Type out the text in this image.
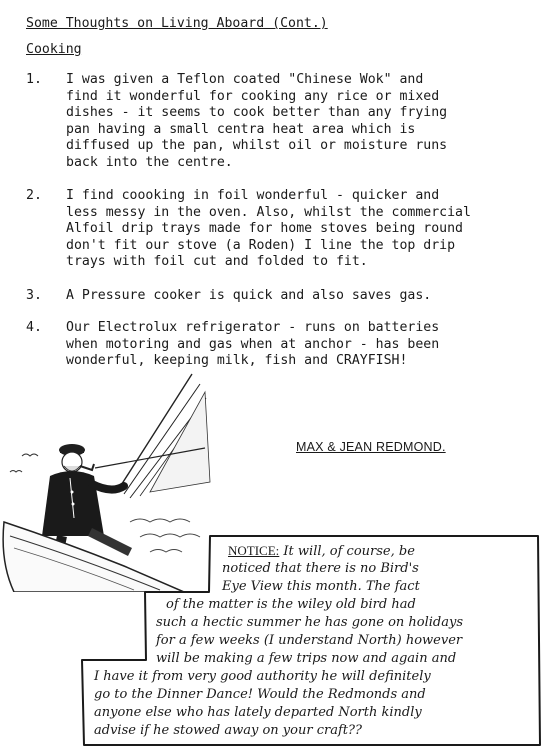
Some Thoughts on Living Aboard (Cont.)
Cooking
1. I was given a Teflon coated "Chinese Wok" and
find it wonderful for cooking any rice or mixed
dishes - it seems to cook better than any frying
pan having a small centra heat area which is
diffused up the pan, whilst oil or moisture runs
back into the centre.
2. I find coooking in foil wonderful - quicker and
less messy in the oven. Also, whilst the commercial
Alfoil drip trays made for home stoves being round
don't fit our stove (a Roden) I line the top drip
trays with foil cut and folded to fit.
3. A Pressure cooker is quick and also saves gas.
4. Our Electrolux refrigerator - runs on batteries
when motoring and gas when at anchor - has been
wonderful, keeping milk, fish and CRAYFISH!
MAX & JEAN REDMOND.
NOTICE: It will, of course, be
noticed that there is no Bird's
Eye View this month. The fact
of the matter is the wiley old bird had
such a hectic summer he has gone on holidays
for a few weeks (I understand North) however
will be making a few trips now and again and
I have it from very good authority he will definitely
go to the Dinner Dance! Would the Redmonds and
anyone else who has lately departed North kindly
advise if he stowed away on your craft??
